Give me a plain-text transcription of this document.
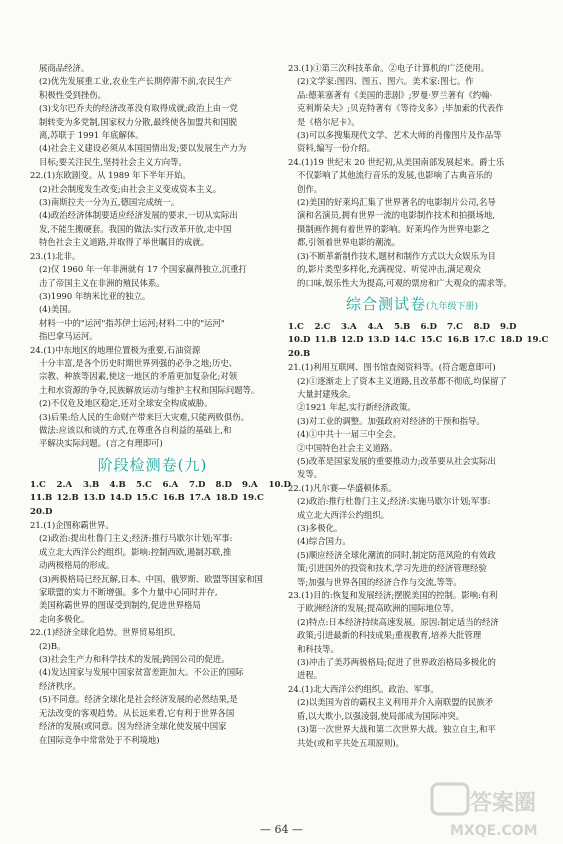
展商品经济。
(2)优先发展重工业,农业生产长期停滞不前,农民生产
积极性受到挫伤。
(3)戈尔巴乔夫的经济改革没有取得成就;政治上由一党
制转变为多党制,国家权力分散,最终使各加盟共和国脱
离,苏联于 1991 年底解体。
(4)社会主义建设必须从本国国情出发;要以发展生产力为
目标;要关注民生,坚持社会主义方向等。
22.(1)东欧剧变。从 1989 年下半年开始。
(2)社会制度发生改变;由社会主义变成资本主义。
(3)南斯拉夫一分为五,德国完成统一。
(4)政治经济体制要适应经济发展的要求,一切从实际出
发,不能生搬硬套。我国的做法:实行改革开放,走中国
特色社会主义道路,并取得了举世瞩目的成就。
23.(1)北非。
(2)仅 1960 年一年非洲就有 17 个国家赢得独立,沉重打
击了帝国主义在非洲的殖民体系。
(3)1990 年纳米比亚的独立。
(4)美国。
材料一中的"运河"指苏伊士运河;材料二中的"运河"
指巴拿马运河。
24.(1)中东地区的地理位置极为重要,石油资源
十分丰富,是各个历史时期世界列强的必争之地;历史、
宗教、种族等因素,使这一地区的矛盾更加复杂化;对领
土和水资源的争夺,民族解放运动与维护主权和国际问题等。
(2)不仅危及地区稳定,还对全球安全构成威胁。
(3)后果:给人民的生命财产带来巨大灾难,只能两败俱伤。
做法:应该以和谈的方式,在尊重各自利益的基础上,和
平解决实际问题。(言之有理即可)
阶段检测卷(九)
1.C 2.A 3.B 4.B 5.C 6.A 7.D 8.D 9.A 10.D
11.B 12.B 13.D 14.D 15.C 16.B 17.A 18.D 19.C
20.D
21.(1)企图称霸世界。
(2)政治:提出杜鲁门主义;经济:推行马歇尔计划;军事:
成立北大西洋公约组织。影响:控制西欧,遏制苏联,推
动两极格局的形成。
(3)两极格局已经瓦解,日本、中国、俄罗斯、欧盟等国家和国
家联盟的实力不断增强。多个力量中心同时并存,
美国称霸世界的图谋受到制约,促进世界格局
走向多极化。
22.(1)经济全球化趋势。世界贸易组织。
(2)B。
(3)社会生产力和科学技术的发展;跨国公司的促进。
(4)发达国家与发展中国家贫富差距加大。不公正的国际
经济秩序。
(5)不同意。经济全球化是社会经济发展的必然结果,是
无法改变的客观趋势。从长远来看,它有利于世界各国
经济的发展(或同意。因为经济全球化使发展中国家
在国际竞争中常常处于不利境地)
23.(1)①第三次科技革命。②电子计算机的广泛使用。
(2)文学家:图四、图五、图六。美术家:图七。作
品:德莱塞著有《美国的悲剧》;罗曼·罗兰著有《约翰·
克利斯朵夫》;贝克特著有《等待戈多》;毕加索的代表作
是《格尔尼卡》。
(3)可以多搜集现代文学、艺术大师的肖像图片及作品等
资料,编写一份介绍。
24.(1)19 世纪末 20 世纪初,从美国南部发展起来。爵士乐
不仅影响了其他流行音乐的发展,也影响了古典音乐的
创作。
(2)美国的好莱坞汇集了世界著名的电影制片公司,名导
演和名演员,拥有世界一流的电影制作技术和拍摄场地,
摄制画作拥有着世界的影响。好莱坞作为世界电影之
都,引领着世界电影的潮流。
(3)不断革新制作技术,题材和制作方式以大众娱乐为目
的,影片类型多样化,充满视觉、听觉冲击,满足观众
的口味,娱乐性大为提高,可观的票房和广大观众的需求等。
综合测试卷(九年级下册)
1.C 2.C 3.A 4.A 5.B 6.D 7.C 8.D 9.D
10.D 11.B 12.D 13.D 14.C 15.C 16.B 17.C 18.D 19.C
20.B
21.(1)利用互联网、图书馆查阅资料等。(符合题意即可)
(2)①逐渐走上了资本主义道路,且改革都不彻底,均保留了
大量封建残余。
②1921 年起,实行新经济政策。
(3)对工业的调整。加强政府对经济的干预和指导。
(4)①中共十一届三中全会。
②中国特色社会主义道路。
(5)改革是国家发展的重要推动力;改革要从社会实际出
发等。
22.(1)凡尔赛—华盛顿体系。
(2)政治:推行杜鲁门主义;经济:实施马歇尔计划;军事:
成立北大西洋公约组织。
(3)多极化。
(4)综合国力。
(5)顺应经济全球化潮流的同时,制定防范风险的有效政
策;引进国外的投资和技术,学习先进的经济管理经验
等;加强与世界各国的经济合作与交流,等等。
23.(1)目的:恢复和发展经济;摆脱美国的控制。影响:有利
于欧洲经济的发展;提高欧洲的国际地位等。
(2)特点:日本经济持续高速发展。原因:制定适当的经济
政策;引进最新的科技成果;重视教育,培养大批管理
和科技等。
(3)冲击了美苏两极格局;促进了世界政治格局多极化的
进程。
24.(1)北大西洋公约组织。政治、军事。
(2)以美国为首的霸权主义利用并介入南联盟的民族矛
盾,以大欺小,以强凌弱,使局部成为国际冲突。
(3)第一次世界大战和第二次世界大战。独立自主,和平
共处(或和平共处五项原则)。
— 64 —
答案圈
MXQE.COM
